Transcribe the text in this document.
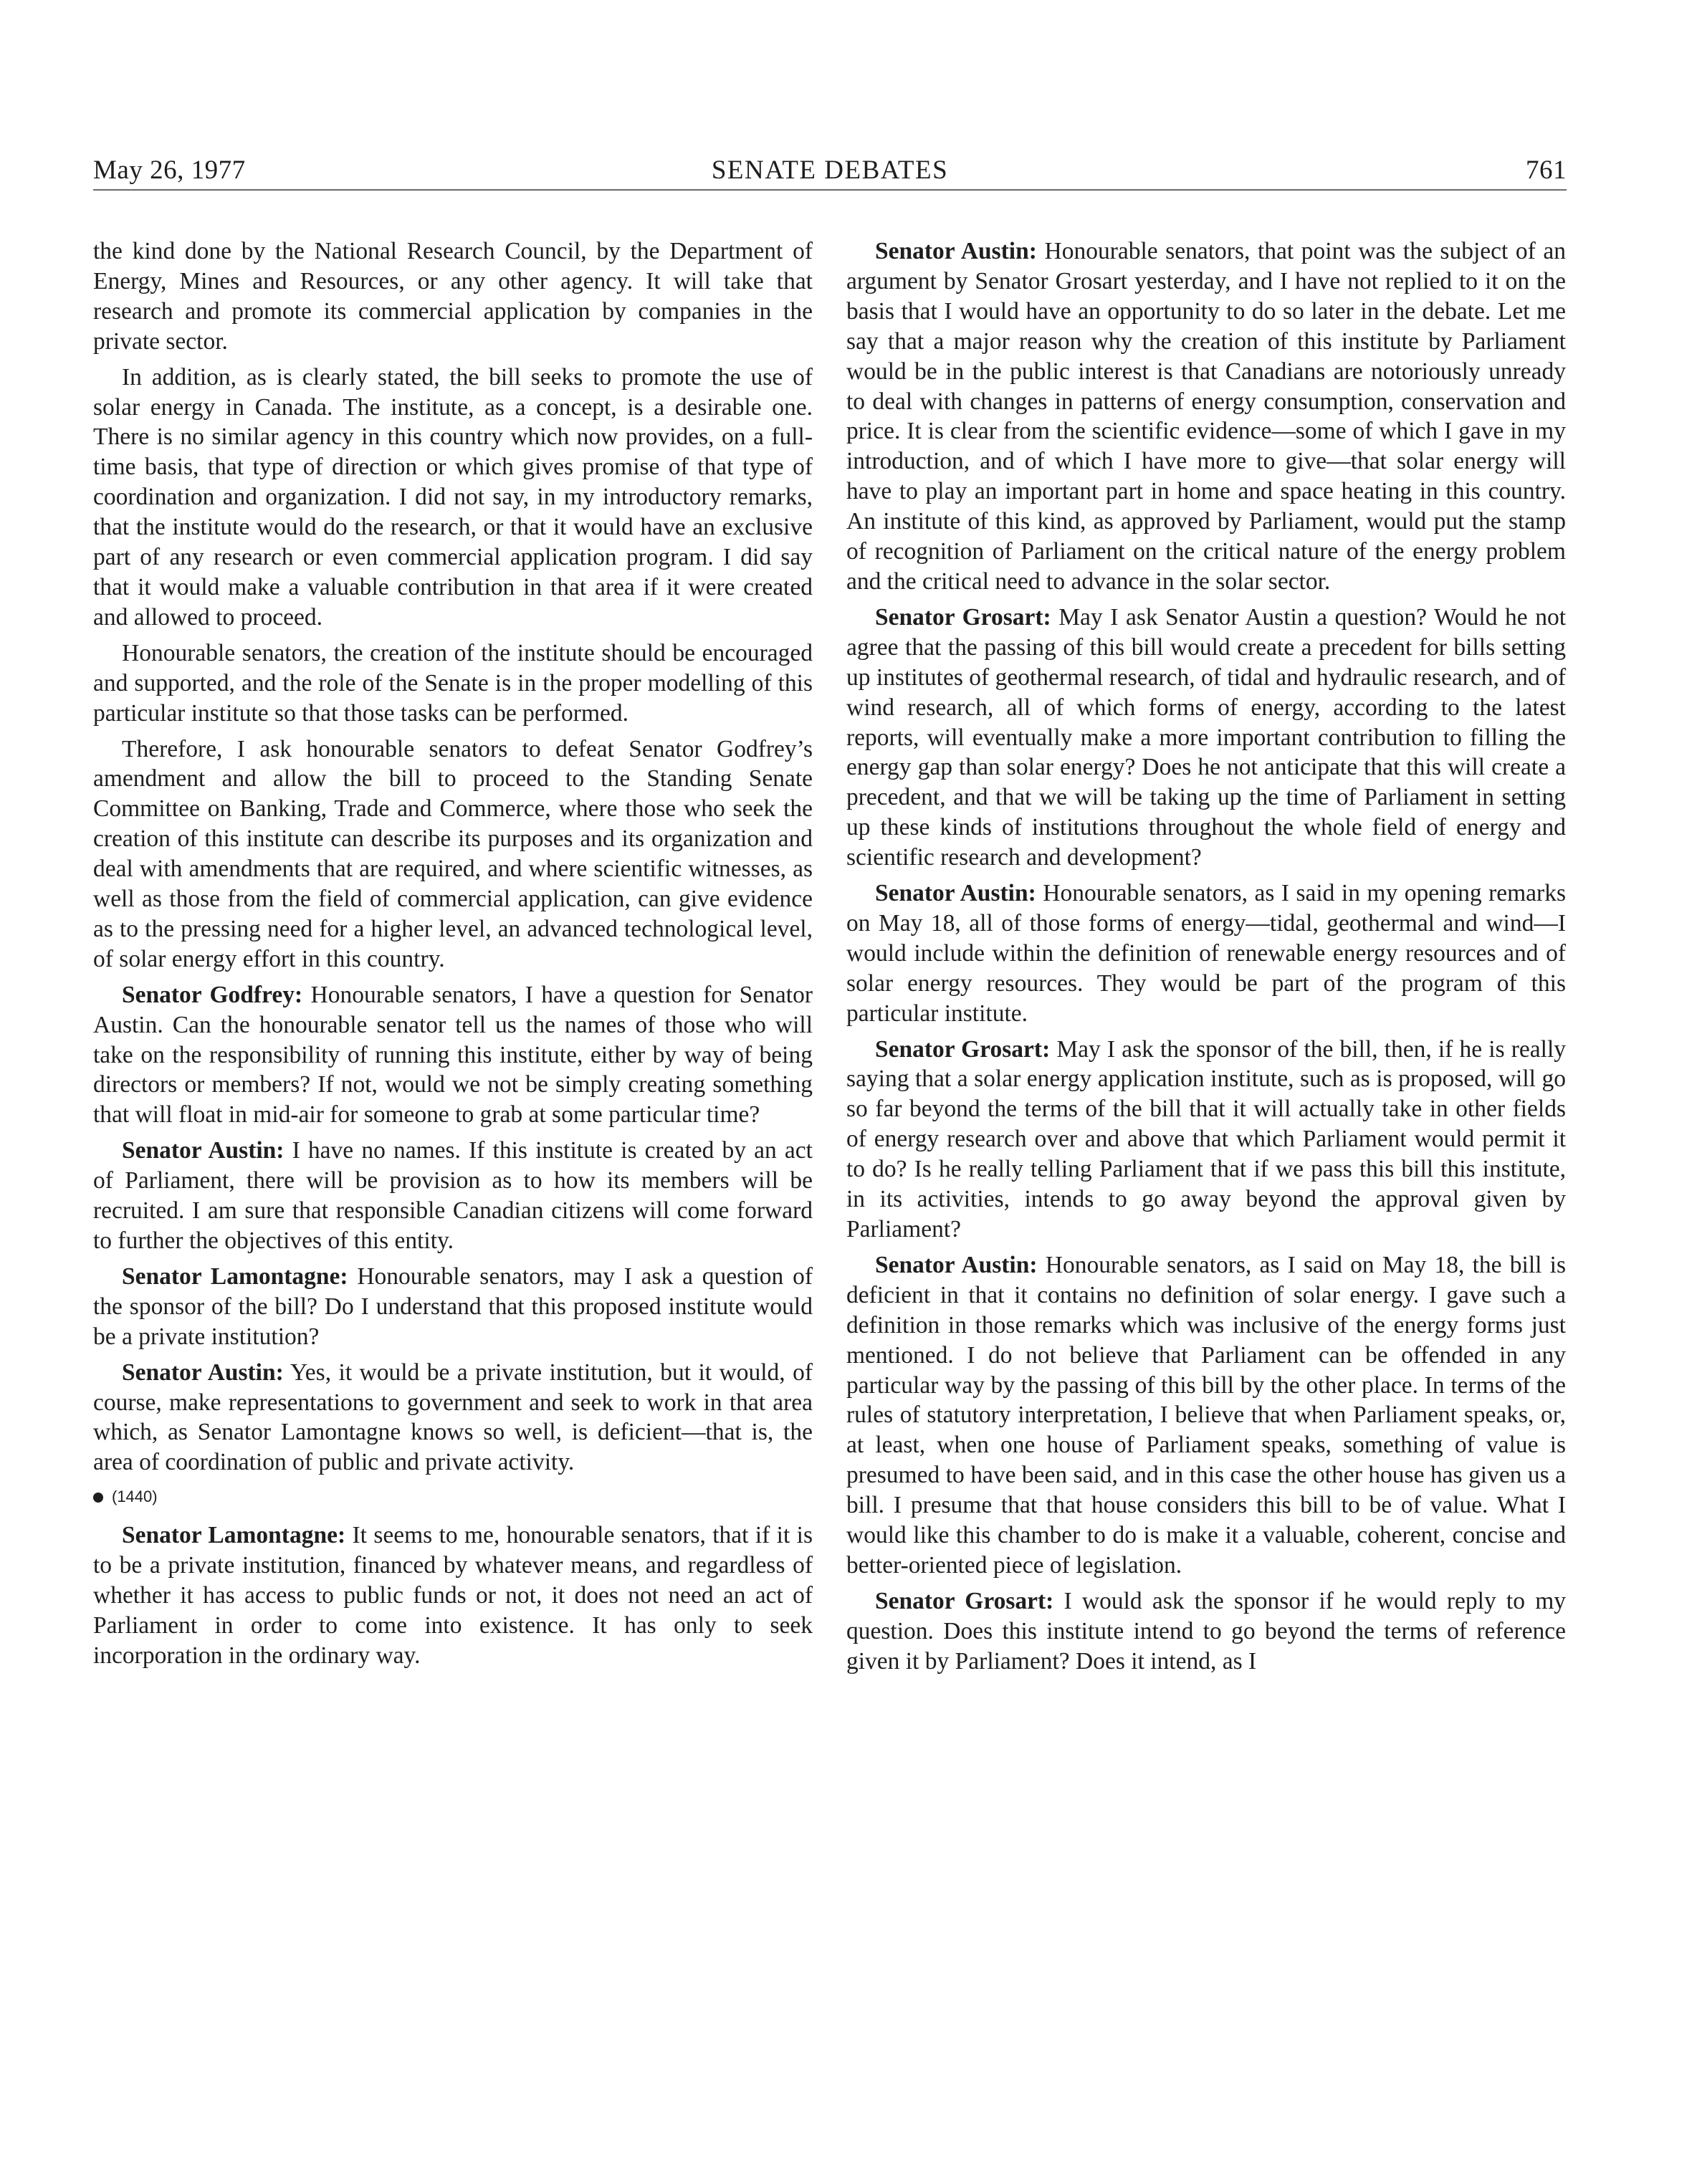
May 26, 1977	SENATE DEBATES	761

the kind done by the National Research Council, by the Department of Energy, Mines and Resources, or any other agency. It will take that research and promote its commercial application by companies in the private sector.

In addition, as is clearly stated, the bill seeks to promote the use of solar energy in Canada. The institute, as a concept, is a desirable one. There is no similar agency in this country which now provides, on a full-time basis, that type of direction or which gives promise of that type of coordination and organization. I did not say, in my introductory remarks, that the institute would do the research, or that it would have an exclusive part of any research or even commercial application program. I did say that it would make a valuable contribution in that area if it were created and allowed to proceed.

Honourable senators, the creation of the institute should be encouraged and supported, and the role of the Senate is in the proper modelling of this particular institute so that those tasks can be performed.

Therefore, I ask honourable senators to defeat Senator Godfrey’s amendment and allow the bill to proceed to the Standing Senate Committee on Banking, Trade and Commerce, where those who seek the creation of this institute can describe its purposes and its organization and deal with amendments that are required, and where scientific witnesses, as well as those from the field of commercial application, can give evidence as to the pressing need for a higher level, an advanced technological level, of solar energy effort in this country.

Senator Godfrey: Honourable senators, I have a question for Senator Austin. Can the honourable senator tell us the names of those who will take on the responsibility of running this institute, either by way of being directors or members? If not, would we not be simply creating something that will float in mid-air for someone to grab at some particular time?

Senator Austin: I have no names. If this institute is created by an act of Parliament, there will be provision as to how its members will be recruited. I am sure that responsible Canadian citizens will come forward to further the objectives of this entity.

Senator Lamontagne: Honourable senators, may I ask a question of the sponsor of the bill? Do I understand that this proposed institute would be a private institution?

Senator Austin: Yes, it would be a private institution, but it would, of course, make representations to government and seek to work in that area which, as Senator Lamontagne knows so well, is deficient—that is, the area of coordination of public and private activity.

(1440)

Senator Lamontagne: It seems to me, honourable senators, that if it is to be a private institution, financed by whatever means, and regardless of whether it has access to public funds or not, it does not need an act of Parliament in order to come into existence. It has only to seek incorporation in the ordinary way.

Senator Austin: Honourable senators, that point was the subject of an argument by Senator Grosart yesterday, and I have not replied to it on the basis that I would have an opportunity to do so later in the debate. Let me say that a major reason why the creation of this institute by Parliament would be in the public interest is that Canadians are notoriously unready to deal with changes in patterns of energy consumption, conservation and price. It is clear from the scientific evidence—some of which I gave in my introduction, and of which I have more to give—that solar energy will have to play an important part in home and space heating in this country. An institute of this kind, as approved by Parliament, would put the stamp of recognition of Parliament on the critical nature of the energy problem and the critical need to advance in the solar sector.

Senator Grosart: May I ask Senator Austin a question? Would he not agree that the passing of this bill would create a precedent for bills setting up institutes of geothermal research, of tidal and hydraulic research, and of wind research, all of which forms of energy, according to the latest reports, will eventually make a more important contribution to filling the energy gap than solar energy? Does he not anticipate that this will create a precedent, and that we will be taking up the time of Parliament in setting up these kinds of institutions throughout the whole field of energy and scientific research and development?

Senator Austin: Honourable senators, as I said in my opening remarks on May 18, all of those forms of energy—tidal, geothermal and wind—I would include within the definition of renewable energy resources and of solar energy resources. They would be part of the program of this particular institute.

Senator Grosart: May I ask the sponsor of the bill, then, if he is really saying that a solar energy application institute, such as is proposed, will go so far beyond the terms of the bill that it will actually take in other fields of energy research over and above that which Parliament would permit it to do? Is he really telling Parliament that if we pass this bill this institute, in its activities, intends to go away beyond the approval given by Parliament?

Senator Austin: Honourable senators, as I said on May 18, the bill is deficient in that it contains no definition of solar energy. I gave such a definition in those remarks which was inclusive of the energy forms just mentioned. I do not believe that Parliament can be offended in any particular way by the passing of this bill by the other place. In terms of the rules of statutory interpretation, I believe that when Parliament speaks, or, at least, when one house of Parliament speaks, something of value is presumed to have been said, and in this case the other house has given us a bill. I presume that that house considers this bill to be of value. What I would like this chamber to do is make it a valuable, coherent, concise and better-oriented piece of legislation.

Senator Grosart: I would ask the sponsor if he would reply to my question. Does this institute intend to go beyond the terms of reference given it by Parliament? Does it intend, as I
